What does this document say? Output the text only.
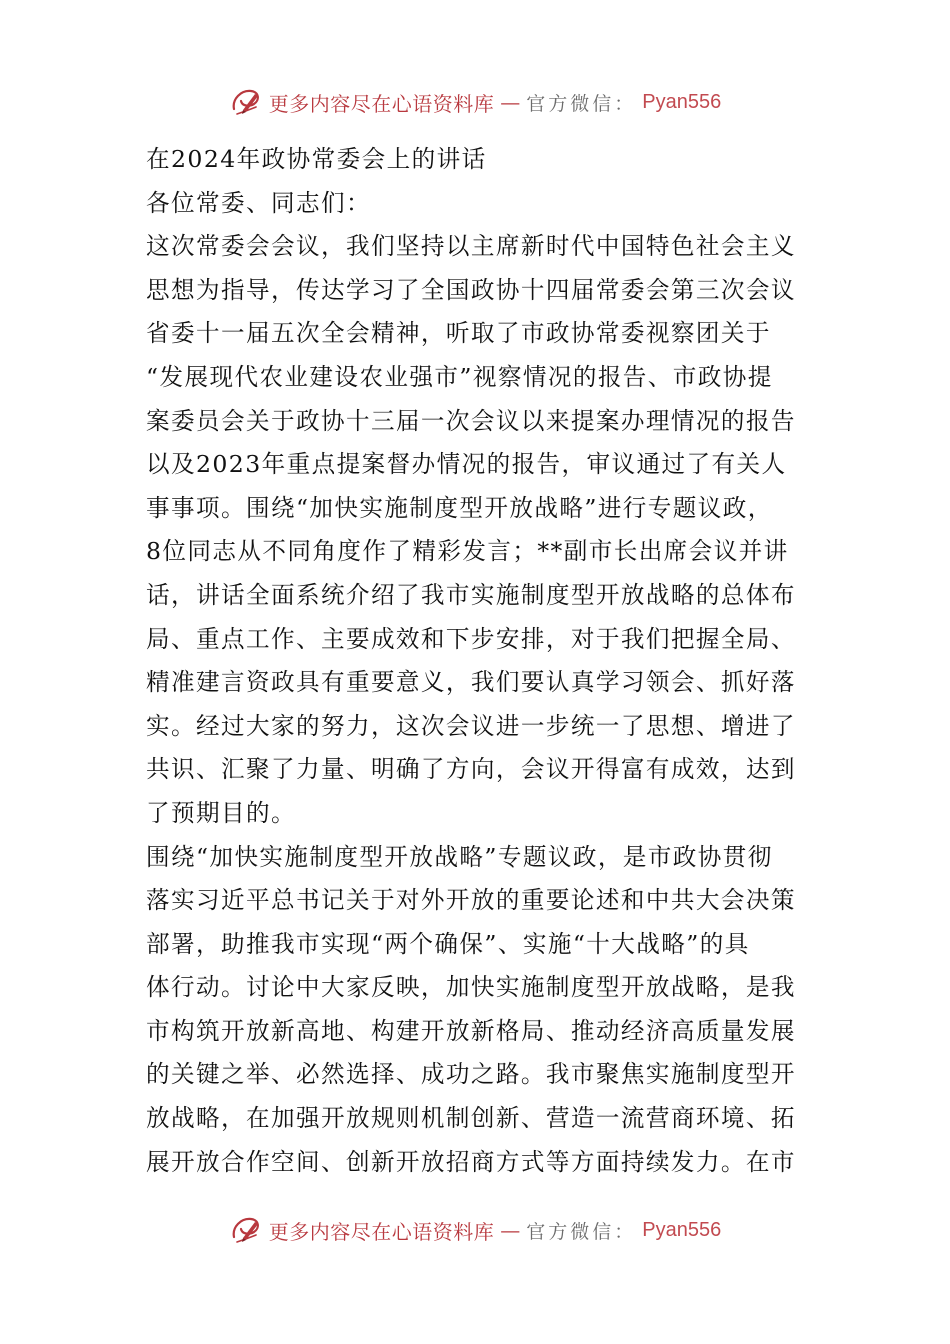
更多内容尽在心语资料库 — 官方微信： Pyan556
在2024年政协常委会上的讲话
各位常委、同志们：
这次常委会会议，我们坚持以主席新时代中国特色社会主义
思想为指导，传达学习了全国政协十四届常委会第三次会议
省委十一届五次全会精神，听取了市政协常委视察团关于
“发展现代农业建设农业强市”视察情况的报告、市政协提
案委员会关于政协十三届一次会议以来提案办理情况的报告
以及2023年重点提案督办情况的报告，审议通过了有关人
事事项。围绕“加快实施制度型开放战略”进行专题议政，
8位同志从不同角度作了精彩发言；**副市长出席会议并讲
话，讲话全面系统介绍了我市实施制度型开放战略的总体布
局、重点工作、主要成效和下步安排，对于我们把握全局、
精准建言资政具有重要意义，我们要认真学习领会、抓好落
实。经过大家的努力，这次会议进一步统一了思想、增进了
共识、汇聚了力量、明确了方向，会议开得富有成效，达到
了预期目的。
围绕“加快实施制度型开放战略”专题议政，是市政协贯彻
落实习近平总书记关于对外开放的重要论述和中共大会决策
部署，助推我市实现“两个确保”、实施“十大战略”的具
体行动。讨论中大家反映，加快实施制度型开放战略，是我
市构筑开放新高地、构建开放新格局、推动经济高质量发展
的关键之举、必然选择、成功之路。我市聚焦实施制度型开
放战略，在加强开放规则机制创新、营造一流营商环境、拓
展开放合作空间、创新开放招商方式等方面持续发力。在市
更多内容尽在心语资料库 — 官方微信： Pyan556
